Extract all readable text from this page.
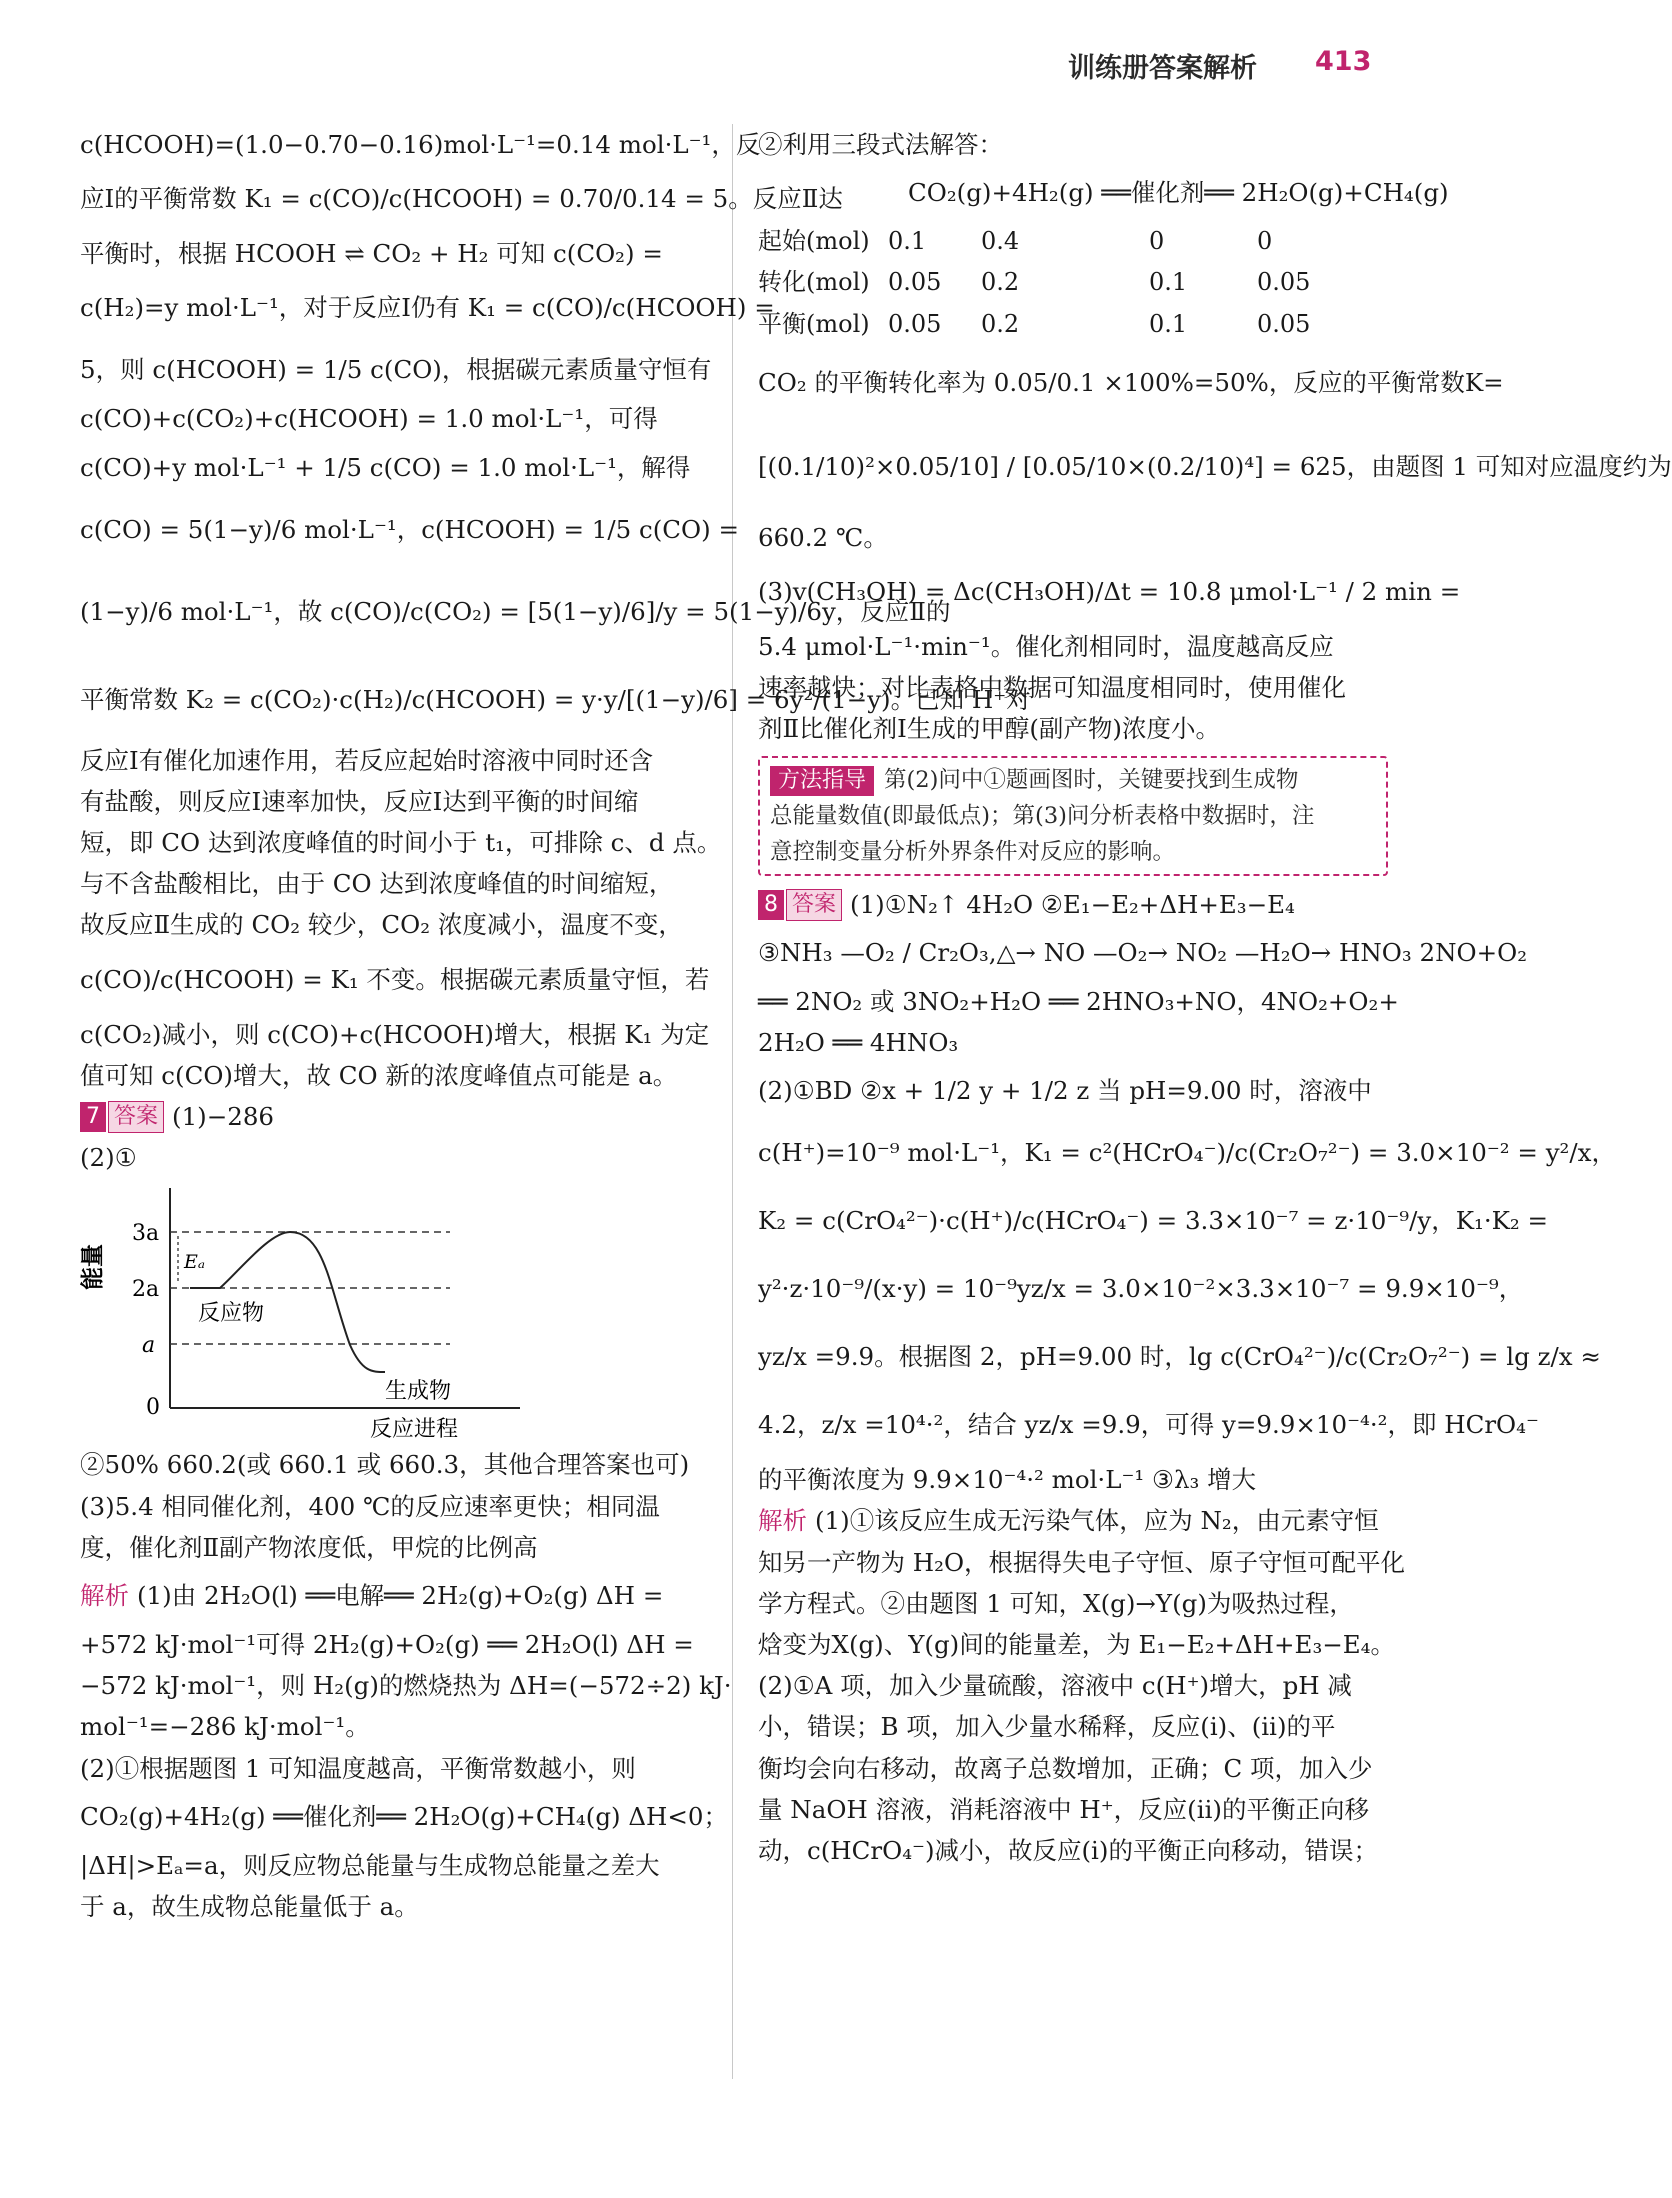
训练册答案解析 413
c(HCOOH)=(1.0−0.70−0.16)mol·L⁻¹=0.14 mol·L⁻¹，反
应Ⅰ的平衡常数 K₁ = c(CO)/c(HCOOH) = 0.70/0.14 = 5。反应Ⅱ达
平衡时，根据 HCOOH ⇌ CO₂ + H₂ 可知 c(CO₂) =
c(H₂)=y mol·L⁻¹，对于反应Ⅰ仍有 K₁ = c(CO)/c(HCOOH) =
5，则 c(HCOOH) = 1/5 c(CO)，根据碳元素质量守恒有
c(CO)+c(CO₂)+c(HCOOH) = 1.0 mol·L⁻¹，可得
c(CO)+y mol·L⁻¹ + 1/5 c(CO) = 1.0 mol·L⁻¹，解得
c(CO) = 5(1−y)/6 mol·L⁻¹，c(HCOOH) = 1/5 c(CO) =
(1−y)/6 mol·L⁻¹，故 c(CO)/c(CO₂) = [5(1−y)/6]/y = 5(1−y)/6y，反应Ⅱ的
平衡常数 K₂ = c(CO₂)·c(H₂)/c(HCOOH) = y·y/[(1−y)/6] = 6y²/(1−y)。已知 H⁺对
反应Ⅰ有催化加速作用，若反应起始时溶液中同时还含
有盐酸，则反应Ⅰ速率加快，反应Ⅰ达到平衡的时间缩
短，即 CO 达到浓度峰值的时间小于 t₁，可排除 c、d 点。
与不含盐酸相比，由于 CO 达到浓度峰值的时间缩短，
故反应Ⅱ生成的 CO₂ 较少，CO₂ 浓度减小，温度不变，
c(CO)/c(HCOOH) = K₁ 不变。根据碳元素质量守恒，若
c(CO₂)减小，则 c(CO)+c(HCOOH)增大，根据 K₁ 为定
值可知 c(CO)增大，故 CO 新的浓度峰值点可能是 a。
7 答案 (1)−286
(2)①
能量
3a
2a
a
0
Eₐ
反应物
生成物
反应进程
②50% 660.2(或 660.1 或 660.3，其他合理答案也可)
(3)5.4 相同催化剂，400 ℃的反应速率更快；相同温
度，催化剂Ⅱ副产物浓度低，甲烷的比例高
解析 (1)由 2H₂O(l) ══电解══ 2H₂(g)+O₂(g) ΔH =
+572 kJ·mol⁻¹可得 2H₂(g)+O₂(g) ══ 2H₂O(l) ΔH =
−572 kJ·mol⁻¹，则 H₂(g)的燃烧热为 ΔH=(−572÷2) kJ·
mol⁻¹=−286 kJ·mol⁻¹。
(2)①根据题图 1 可知温度越高，平衡常数越小，则
CO₂(g)+4H₂(g) ══催化剂══ 2H₂O(g)+CH₄(g) ΔH<0；
|ΔH|>Eₐ=a，则反应物总能量与生成物总能量之差大
于 a，故生成物总能量低于 a。
②利用三段式法解答：
CO₂(g)+4H₂(g) ══催化剂══ 2H₂O(g)+CH₄(g)
起始(mol)	0.1	0.4	0	0
转化(mol)	0.05	0.2	0.1	0.05
平衡(mol)	0.05	0.2	0.1	0.05
CO₂ 的平衡转化率为 0.05/0.1 ×100%=50%，反应的平衡常数K=
[(0.1/10)²×0.05/10] / [0.05/10×(0.2/10)⁴] = 625，由题图 1 可知对应温度约为
660.2 ℃。
(3)v(CH₃OH) = Δc(CH₃OH)/Δt = 10.8 μmol·L⁻¹ / 2 min =
5.4 μmol·L⁻¹·min⁻¹。催化剂相同时，温度越高反应
速率越快；对比表格中数据可知温度相同时，使用催化
剂Ⅱ比催化剂Ⅰ生成的甲醇(副产物)浓度小。
方法指导 第(2)问中①题画图时，关键要找到生成物
总能量数值(即最低点)；第(3)问分析表格中数据时，注
意控制变量分析外界条件对反应的影响。
8 答案 (1)①N₂↑ 4H₂O ②E₁−E₂+ΔH+E₃−E₄
③NH₃ —O₂ / Cr₂O₃,△→ NO —O₂→ NO₂ —H₂O→ HNO₃ 2NO+O₂
══ 2NO₂ 或 3NO₂+H₂O ══ 2HNO₃+NO，4NO₂+O₂+
2H₂O ══ 4HNO₃
(2)①BD ②x + 1/2 y + 1/2 z 当 pH=9.00 时，溶液中
c(H⁺)=10⁻⁹ mol·L⁻¹，K₁ = c²(HCrO₄⁻)/c(Cr₂O₇²⁻) = 3.0×10⁻² = y²/x，
K₂ = c(CrO₄²⁻)·c(H⁺)/c(HCrO₄⁻) = 3.3×10⁻⁷ = z·10⁻⁹/y，K₁·K₂ =
y²·z·10⁻⁹/(x·y) = 10⁻⁹yz/x = 3.0×10⁻²×3.3×10⁻⁷ = 9.9×10⁻⁹，
yz/x =9.9。根据图 2，pH=9.00 时，lg c(CrO₄²⁻)/c(Cr₂O₇²⁻) = lg z/x ≈
4.2，z/x =10⁴·²，结合 yz/x =9.9，可得 y=9.9×10⁻⁴·²，即 HCrO₄⁻
的平衡浓度为 9.9×10⁻⁴·² mol·L⁻¹ ③λ₃ 增大
解析 (1)①该反应生成无污染气体，应为 N₂，由元素守恒
知另一产物为 H₂O，根据得失电子守恒、原子守恒可配平化
学方程式。②由题图 1 可知，X(g)→Y(g)为吸热过程，
焓变为X(g)、Y(g)间的能量差，为 E₁−E₂+ΔH+E₃−E₄。
(2)①A 项，加入少量硫酸，溶液中 c(H⁺)增大，pH 减
小，错误；B 项，加入少量水稀释，反应(ⅰ)、(ⅱ)的平
衡均会向右移动，故离子总数增加，正确；C 项，加入少
量 NaOH 溶液，消耗溶液中 H⁺，反应(ⅱ)的平衡正向移
动，c(HCrO₄⁻)减小，故反应(ⅰ)的平衡正向移动，错误；
